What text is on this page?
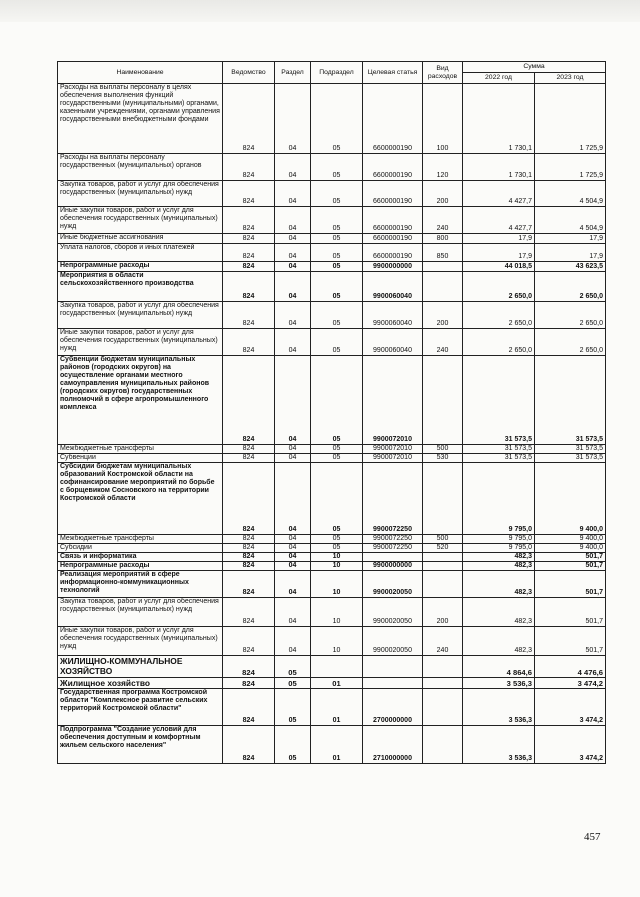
Наименование	Ведомство	Раздел	Подраздел	Целевая статья	Вид расходов	Сумма	
						2022 год	2023 год
Расходы на выплаты персоналу в целях обеспечения выполнения функций государственными (муниципальными) органами, казенными учреждениями, органами управления государственными внебюджетными фондами	824	04	05	6600000190	100	1 730,1	1 725,9
Расходы на выплаты персоналу государственных (муниципальных) органов	824	04	05	6600000190	120	1 730,1	1 725,9
Закупка товаров, работ и услуг для обеспечения государственных (муниципальных) нужд	824	04	05	6600000190	200	4 427,7	4 504,9
Иные закупки товаров, работ и услуг для обеспечения государственных (муниципальных) нужд	824	04	05	6600000190	240	4 427,7	4 504,9
Иные бюджетные ассигнования	824	04	05	6600000190	800	17,9	17,9
Уплата налогов, сборов и иных платежей	824	04	05	6600000190	850	17,9	17,9
Непрограммные расходы	824	04	05	9900000000		44 018,5	43 623,5
Мероприятия в области сельскохозяйственного производства	824	04	05	9900060040		2 650,0	2 650,0
Закупка товаров, работ и услуг для обеспечения государственных (муниципальных) нужд	824	04	05	9900060040	200	2 650,0	2 650,0
Иные закупки товаров, работ и услуг для обеспечения государственных (муниципальных) нужд	824	04	05	9900060040	240	2 650,0	2 650,0
Субвенции бюджетам муниципальных районов (городских округов) на осуществление органами местного самоуправления муниципальных районов (городских округов) государственных полномочий в сфере агропромышленного комплекса	824	04	05	9900072010		31 573,5	31 573,5
Межбюджетные трансферты	824	04	05	9900072010	500	31 573,5	31 573,5
Субвенции	824	04	05	9900072010	530	31 573,5	31 573,5
Субсидии бюджетам муниципальных образований Костромской области на софинансирование мероприятий по борьбе с борщевиком Сосновского на территории Костромской области	824	04	05	9900072250		9 795,0	9 400,0
Межбюджетные трансферты	824	04	05	9900072250	500	9 795,0	9 400,0
Субсидии	824	04	05	9900072250	520	9 795,0	9 400,0
Связь и информатика	824	04	10			482,3	501,7
Непрограммные расходы	824	04	10	9900000000		482,3	501,7
Реализация мероприятий в сфере информационно-коммуникационных технологий	824	04	10	9900020050		482,3	501,7
Закупка товаров, работ и услуг для обеспечения государственных (муниципальных) нужд	824	04	10	9900020050	200	482,3	501,7
Иные закупки товаров, работ и услуг для обеспечения государственных (муниципальных) нужд	824	04	10	9900020050	240	482,3	501,7
ЖИЛИЩНО-КОММУНАЛЬНОЕ ХОЗЯЙСТВО	824	05				4 864,6	4 476,6
Жилищное хозяйство	824	05	01			3 536,3	3 474,2
Государственная программа Костромской области "Комплексное развитие сельских территорий Костромской области"	824	05	01	2700000000		3 536,3	3 474,2
Подпрограмма "Создание условий для обеспечения доступным и комфортным жильем сельского населения"	824	05	01	2710000000		3 536,3	3 474,2
457
